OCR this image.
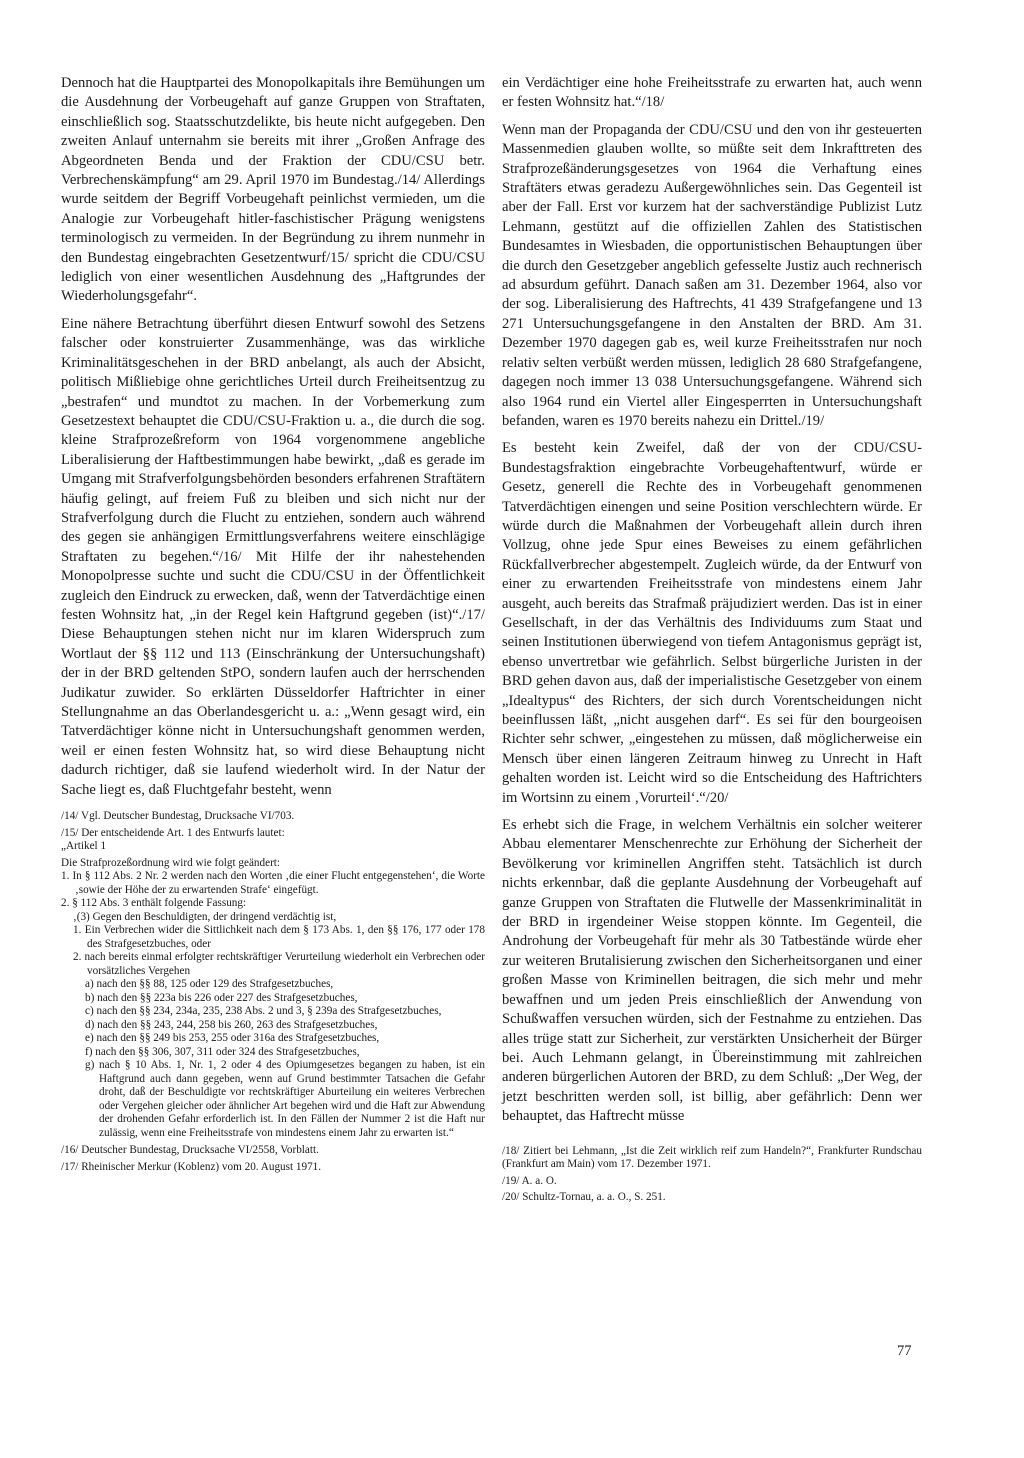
Dennoch hat die Hauptpartei des Monopolkapitals ihre Bemühungen um die Ausdehnung der Vorbeugehaft auf ganze Gruppen von Straftaten, einschließlich sog. Staatsschutzdelikte, bis heute nicht aufgegeben. Den zweiten Anlauf unternahm sie bereits mit ihrer „Großen Anfrage des Abgeordneten Benda und der Fraktion der CDU/CSU betr. Verbrechenskämpfung“ am 29. April 1970 im Bundestag./14/ Allerdings wurde seitdem der Begriff Vorbeugehaft peinlichst vermieden, um die Analogie zur Vorbeugehaft hitler-faschistischer Prägung wenigstens terminologisch zu vermeiden. In der Begründung zu ihrem nunmehr in den Bundestag eingebrachten Gesetzentwurf/15/ spricht die CDU/CSU lediglich von einer wesentlichen Ausdehnung des „Haftgrundes der Wiederholungsgefahr“.

Eine nähere Betrachtung überführt diesen Entwurf sowohl des Setzens falscher oder konstruierter Zusammenhänge, was das wirkliche Kriminalitätsgeschehen in der BRD anbelangt, als auch der Absicht, politisch Mißliebige ohne gerichtliches Urteil durch Freiheitsentzug zu „bestrafen“ und mundtot zu machen. In der Vorbemerkung zum Gesetzestext behauptet die CDU/CSU-Fraktion u. a., die durch die sog. kleine Strafprozeßreform von 1964 vorgenommene angebliche Liberalisierung der Haftbestimmungen habe bewirkt, „daß es gerade im Umgang mit Strafverfolgungsbehörden besonders erfahrenen Straftätern häufig gelingt, auf freiem Fuß zu bleiben und sich nicht nur der Strafverfolgung durch die Flucht zu entziehen, sondern auch während des gegen sie anhängigen Ermittlungsverfahrens weitere einschlägige Straftaten zu begehen.“/16/ Mit Hilfe der ihr nahestehenden Monopolpresse suchte und sucht die CDU/CSU in der Öffentlichkeit zugleich den Eindruck zu erwecken, daß, wenn der Tatverdächtige einen festen Wohnsitz hat, „in der Regel kein Haftgrund gegeben (ist)“./17/ Diese Behauptungen stehen nicht nur im klaren Widerspruch zum Wortlaut der §§ 112 und 113 (Einschränkung der Untersuchungshaft) der in der BRD geltenden StPO, sondern laufen auch der herrschenden Judikatur zuwider. So erklärten Düsseldorfer Haftrichter in einer Stellungnahme an das Oberlandesgericht u. a.: „Wenn gesagt wird, ein Tatverdächtiger könne nicht in Untersuchungshaft genommen werden, weil er einen festen Wohnsitz hat, so wird diese Behauptung nicht dadurch richtiger, daß sie laufend wiederholt wird. In der Natur der Sache liegt es, daß Fluchtgefahr besteht, wenn

/14/ Vgl. Deutscher Bundestag, Drucksache VI/703.

/15/ Der entscheidende Art. 1 des Entwurfs lautet:

„Artikel 1

Die Strafprozeßordnung wird wie folgt geändert:

1. In § 112 Abs. 2 Nr. 2 werden nach den Worten ‚die einer Flucht entgegenstehen‘, die Worte ‚sowie der Höhe der zu erwartenden Strafe‘ eingefügt.

2. § 112 Abs. 3 enthält folgende Fassung:

‚(3) Gegen den Beschuldigten, der dringend verdächtig ist,

1. Ein Verbrechen wider die Sittlichkeit nach dem § 173 Abs. 1, den §§ 176, 177 oder 178 des Strafgesetzbuches, oder

2. nach bereits einmal erfolgter rechtskräftiger Verurteilung wiederholt ein Verbrechen oder vorsätzliches Vergehen

a) nach den §§ 88, 125 oder 129 des Strafgesetzbuches,

b) nach den §§ 223a bis 226 oder 227 des Strafgesetzbuches,

c) nach den §§ 234, 234a, 235, 238 Abs. 2 und 3, § 239a des Strafgesetzbuches,

d) nach den §§ 243, 244, 258 bis 260, 263 des Strafgesetzbuches,

e) nach den §§ 249 bis 253, 255 oder 316a des Strafgesetzbuches,

f) nach den §§ 306, 307, 311 oder 324 des Strafgesetzbuches,

g) nach § 10 Abs. 1, Nr. 1, 2 oder 4 des Opiumgesetzes begangen zu haben, ist ein Haftgrund auch dann gegeben, wenn auf Grund bestimmter Tatsachen die Gefahr droht, daß der Beschuldigte vor rechtskräftiger Aburteilung ein weiteres Verbrechen oder Vergehen gleicher oder ähnlicher Art begehen wird und die Haft zur Abwendung der drohenden Gefahr erforderlich ist. In den Fällen der Nummer 2 ist die Haft nur zulässig, wenn eine Freiheitsstrafe von mindestens einem Jahr zu erwarten ist.“

/16/ Deutscher Bundestag, Drucksache VI/2558, Vorblatt.

/17/ Rheinischer Merkur (Koblenz) vom 20. August 1971.

ein Verdächtiger eine hohe Freiheitsstrafe zu erwarten hat, auch wenn er festen Wohnsitz hat.“/18/

Wenn man der Propaganda der CDU/CSU und den von ihr gesteuerten Massenmedien glauben wollte, so müßte seit dem Inkrafttreten des Strafprozeßänderungsgesetzes von 1964 die Verhaftung eines Straftäters etwas geradezu Außergewöhnliches sein. Das Gegenteil ist aber der Fall. Erst vor kurzem hat der sachverständige Publizist Lutz Lehmann, gestützt auf die offiziellen Zahlen des Statistischen Bundesamtes in Wiesbaden, die opportunistischen Behauptungen über die durch den Gesetzgeber angeblich gefesselte Justiz auch rechnerisch ad absurdum geführt. Danach saßen am 31. Dezember 1964, also vor der sog. Liberalisierung des Haftrechts, 41 439 Strafgefangene und 13 271 Untersuchungsgefangene in den Anstalten der BRD. Am 31. Dezember 1970 dagegen gab es, weil kurze Freiheitsstrafen nur noch relativ selten verbüßt werden müssen, lediglich 28 680 Strafgefangene, dagegen noch immer 13 038 Untersuchungsgefangene. Während sich also 1964 rund ein Viertel aller Eingesperrten in Untersuchungshaft befanden, waren es 1970 bereits nahezu ein Drittel./19/

Es besteht kein Zweifel, daß der von der CDU/CSU-Bundestagsfraktion eingebrachte Vorbeugehaftentwurf, würde er Gesetz, generell die Rechte des in Vorbeugehaft genommenen Tatverdächtigen einengen und seine Position verschlechtern würde. Er würde durch die Maßnahmen der Vorbeugehaft allein durch ihren Vollzug, ohne jede Spur eines Beweises zu einem gefährlichen Rückfallverbrecher abgestempelt. Zugleich würde, da der Entwurf von einer zu erwartenden Freiheitsstrafe von mindestens einem Jahr ausgeht, auch bereits das Strafmaß präjudiziert werden. Das ist in einer Gesellschaft, in der das Verhältnis des Individuums zum Staat und seinen Institutionen überwiegend von tiefem Antagonismus geprägt ist, ebenso unvertretbar wie gefährlich. Selbst bürgerliche Juristen in der BRD gehen davon aus, daß der imperialistische Gesetzgeber von einem „Idealtypus“ des Richters, der sich durch Vorentscheidungen nicht beeinflussen läßt, „nicht ausgehen darf“. Es sei für den bourgeoisen Richter sehr schwer, „eingestehen zu müssen, daß möglicherweise ein Mensch über einen längeren Zeitraum hinweg zu Unrecht in Haft gehalten worden ist. Leicht wird so die Entscheidung des Haftrichters im Wortsinn zu einem ‚Vorurteil‘.“/20/

Es erhebt sich die Frage, in welchem Verhältnis ein solcher weiterer Abbau elementarer Menschenrechte zur Erhöhung der Sicherheit der Bevölkerung vor kriminellen Angriffen steht. Tatsächlich ist durch nichts erkennbar, daß die geplante Ausdehnung der Vorbeugehaft auf ganze Gruppen von Straftaten die Flutwelle der Massenkriminalität in der BRD in irgendeiner Weise stoppen könnte. Im Gegenteil, die Androhung der Vorbeugehaft für mehr als 30 Tatbestände würde eher zur weiteren Brutalisierung zwischen den Sicherheitsorganen und einer großen Masse von Kriminellen beitragen, die sich mehr und mehr bewaffnen und um jeden Preis einschließlich der Anwendung von Schußwaffen versuchen würden, sich der Festnahme zu entziehen. Das alles trüge statt zur Sicherheit, zur verstärkten Unsicherheit der Bürger bei. Auch Lehmann gelangt, in Übereinstimmung mit zahlreichen anderen bürgerlichen Autoren der BRD, zu dem Schluß: „Der Weg, der jetzt beschritten werden soll, ist billig, aber gefährlich: Denn wer behauptet, das Haftrecht müsse

/18/ Zitiert bei Lehmann, „Ist die Zeit wirklich reif zum Handeln?“, Frankfurter Rundschau (Frankfurt am Main) vom 17. Dezember 1971.

/19/ A. a. O.

/20/ Schultz-Tornau, a. a. O., S. 251.

77
